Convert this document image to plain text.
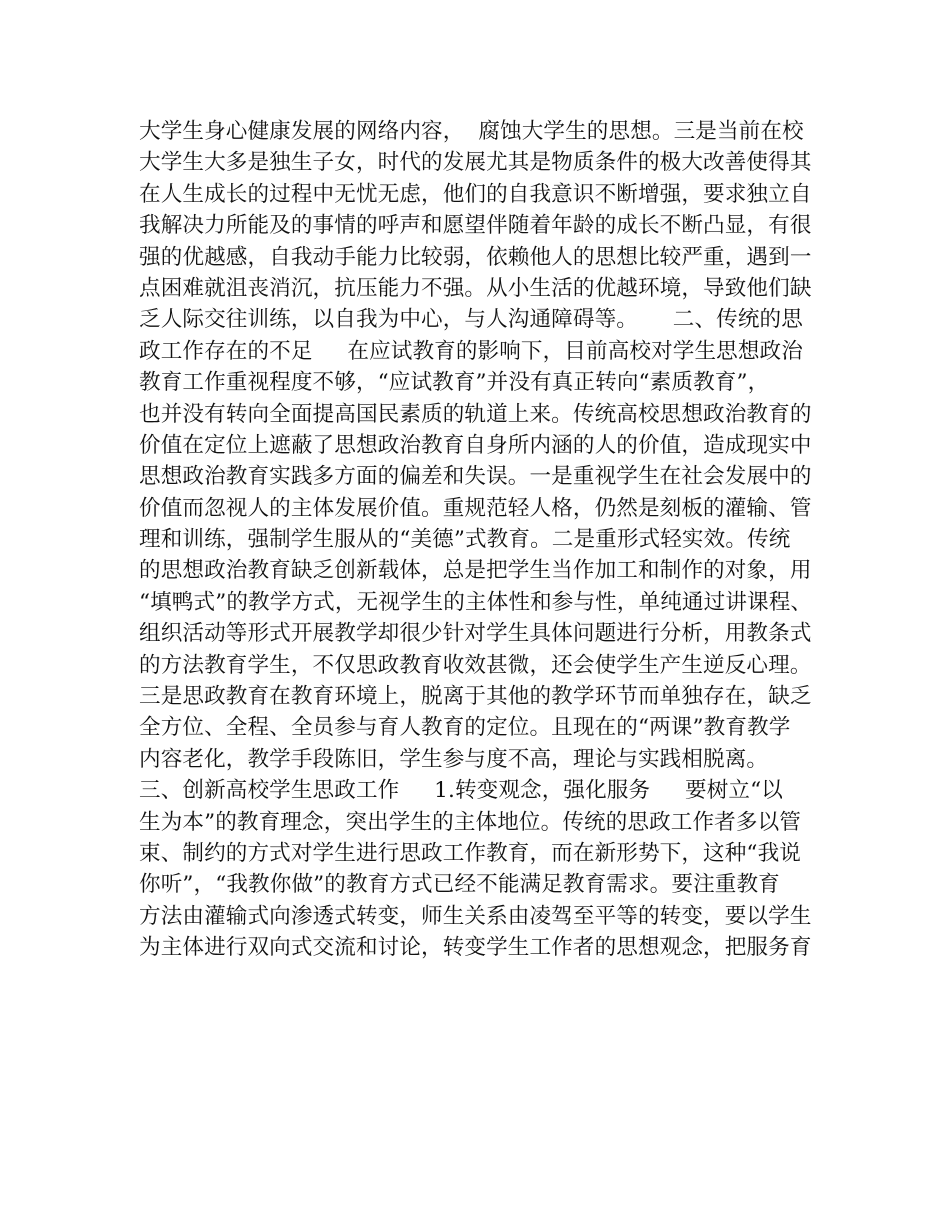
大学生身心健康发展的网络内容，  腐蚀大学生的思想。三是当前在校
大学生大多是独生子女，时代的发展尤其是物质条件的极大改善使得其
在人生成长的过程中无忧无虑，他们的自我意识不断增强，要求独立自
我解决力所能及的事情的呼声和愿望伴随着年龄的成长不断凸显，有很
强的优越感，自我动手能力比较弱，依赖他人的思想比较严重，遇到一
点困难就沮丧消沉，抗压能力不强。从小生活的优越环境，导致他们缺
乏人际交往训练，以自我为中心，与人沟通障碍等。     二、传统的思
政工作存在的不足     在应试教育的影响下，目前高校对学生思想政治
教育工作重视程度不够，“应试教育”并没有真正转向“素质教育”，
也并没有转向全面提高国民素质的轨道上来。传统高校思想政治教育的
价值在定位上遮蔽了思想政治教育自身所内涵的人的价值，造成现实中
思想政治教育实践多方面的偏差和失误。一是重视学生在社会发展中的
价值而忽视人的主体发展价值。重规范轻人格，仍然是刻板的灌输、管
理和训练，强制学生服从的“美德”式教育。二是重形式轻实效。传统
的思想政治教育缺乏创新载体，总是把学生当作加工和制作的对象，用
“填鸭式”的教学方式，无视学生的主体性和参与性，单纯通过讲课程、
组织活动等形式开展教学却很少针对学生具体问题进行分析，用教条式
的方法教育学生，不仅思政教育收效甚微，还会使学生产生逆反心理。
三是思政教育在教育环境上，脱离于其他的教学环节而单独存在，缺乏
全方位、全程、全员参与育人教育的定位。且现在的“两课”教育教学
内容老化，教学手段陈旧，学生参与度不高，理论与实践相脱离。
三、创新高校学生思政工作     1.转变观念，强化服务     要树立“以
生为本”的教育理念，突出学生的主体地位。传统的思政工作者多以管
束、制约的方式对学生进行思政工作教育，而在新形势下，这种“我说
你听”，“我教你做”的教育方式已经不能满足教育需求。要注重教育
方法由灌输式向渗透式转变，师生关系由凌驾至平等的转变，要以学生
为主体进行双向式交流和讨论，转变学生工作者的思想观念，把服务育
